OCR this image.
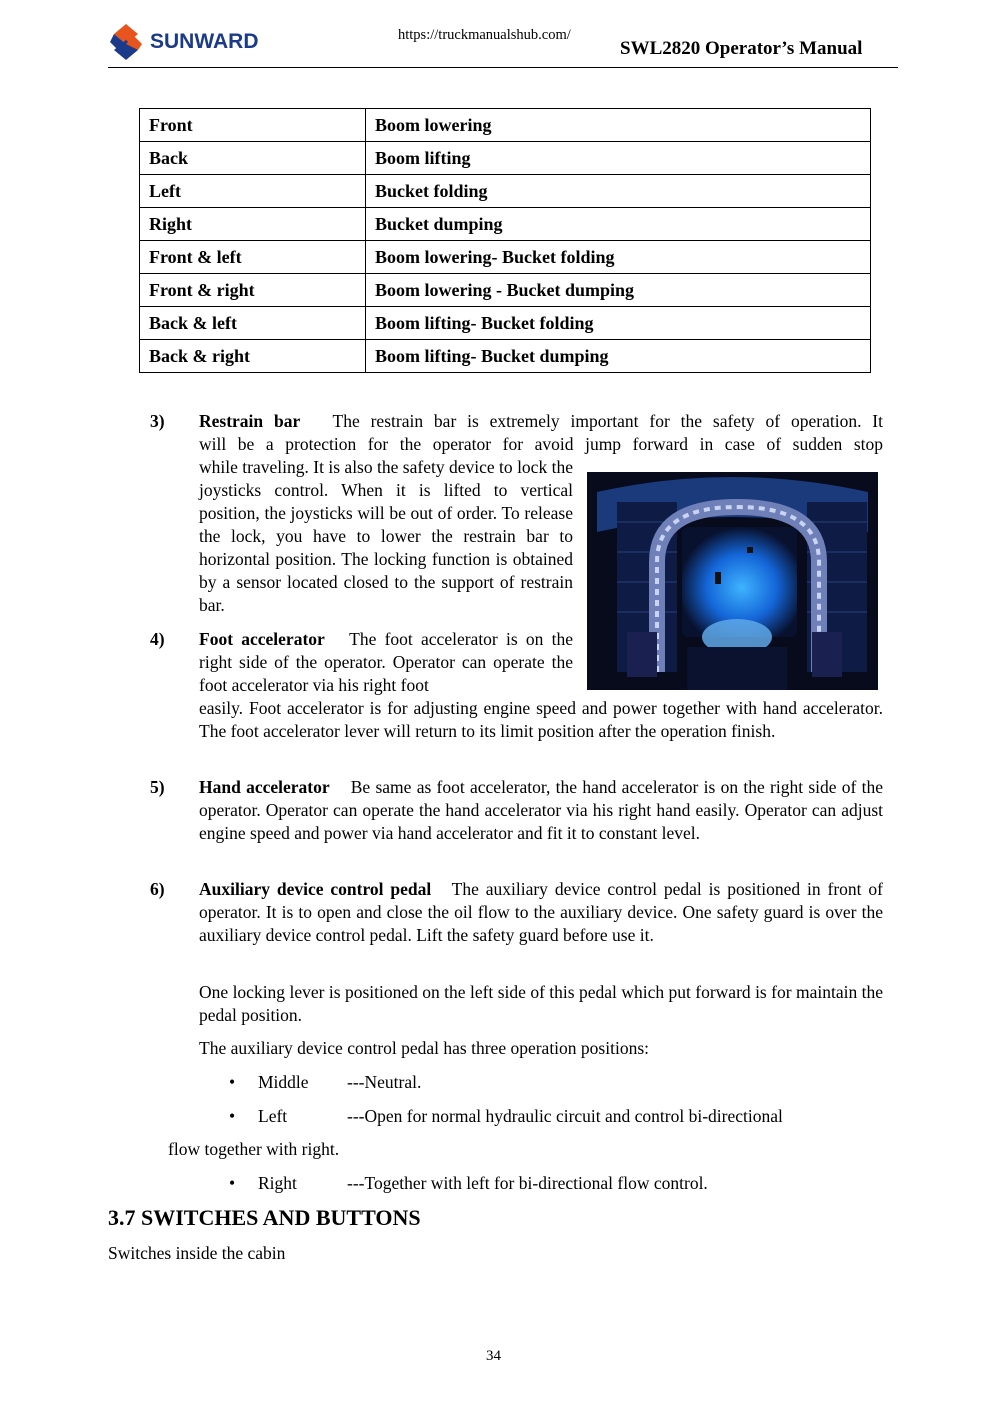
SUNWARD	https://truckmanualshub.com/
SWL2820 Operator’s Manual
Front	Boom lowering
Back	Boom lifting
Left	Bucket folding
Right	Bucket dumping
Front & left	Boom lowering- Bucket folding
Front & right	Boom lowering - Bucket dumping
Back & left	Boom lifting- Bucket folding
Back & right	Boom lifting- Bucket dumping
3) Restrain bar The restrain bar is extremely important for the safety of operation. It
will be a protection for the operator for avoid jump forward in case of sudden stop
while traveling. It is also the safety device to lock the joysticks control. When it is lifted to vertical position, the joysticks will be out of order. To release the lock, you have to lower the restrain bar to horizontal position. The locking function is obtained by a sensor located closed to the support of restrain bar.
4) Foot accelerator The foot accelerator is on the right side of the operator. Operator can operate the foot accelerator via his right foot
easily. Foot accelerator is for adjusting engine speed and power together with hand accelerator. The foot accelerator lever will return to its limit position after the operation finish.
5) Hand accelerator Be same as foot accelerator, the hand accelerator is on the right side of the operator. Operator can operate the hand accelerator via his right hand easily. Operator can adjust engine speed and power via hand accelerator and fit it to constant level.
6) Auxiliary device control pedal The auxiliary device control pedal is positioned in front of operator. It is to open and close the oil flow to the auxiliary device. One safety guard is over the auxiliary device control pedal. Lift the safety guard before use it.
One locking lever is positioned on the left side of this pedal which put forward is for maintain the pedal position.
The auxiliary device control pedal has three operation positions:
• Middle ---Neutral.
• Left	---Open for normal hydraulic circuit and control bi-directional
flow together with right.
• Right	---Together with left for bi-directional flow control.
3.7 SWITCHES AND BUTTONS
Switches inside the cabin
34
